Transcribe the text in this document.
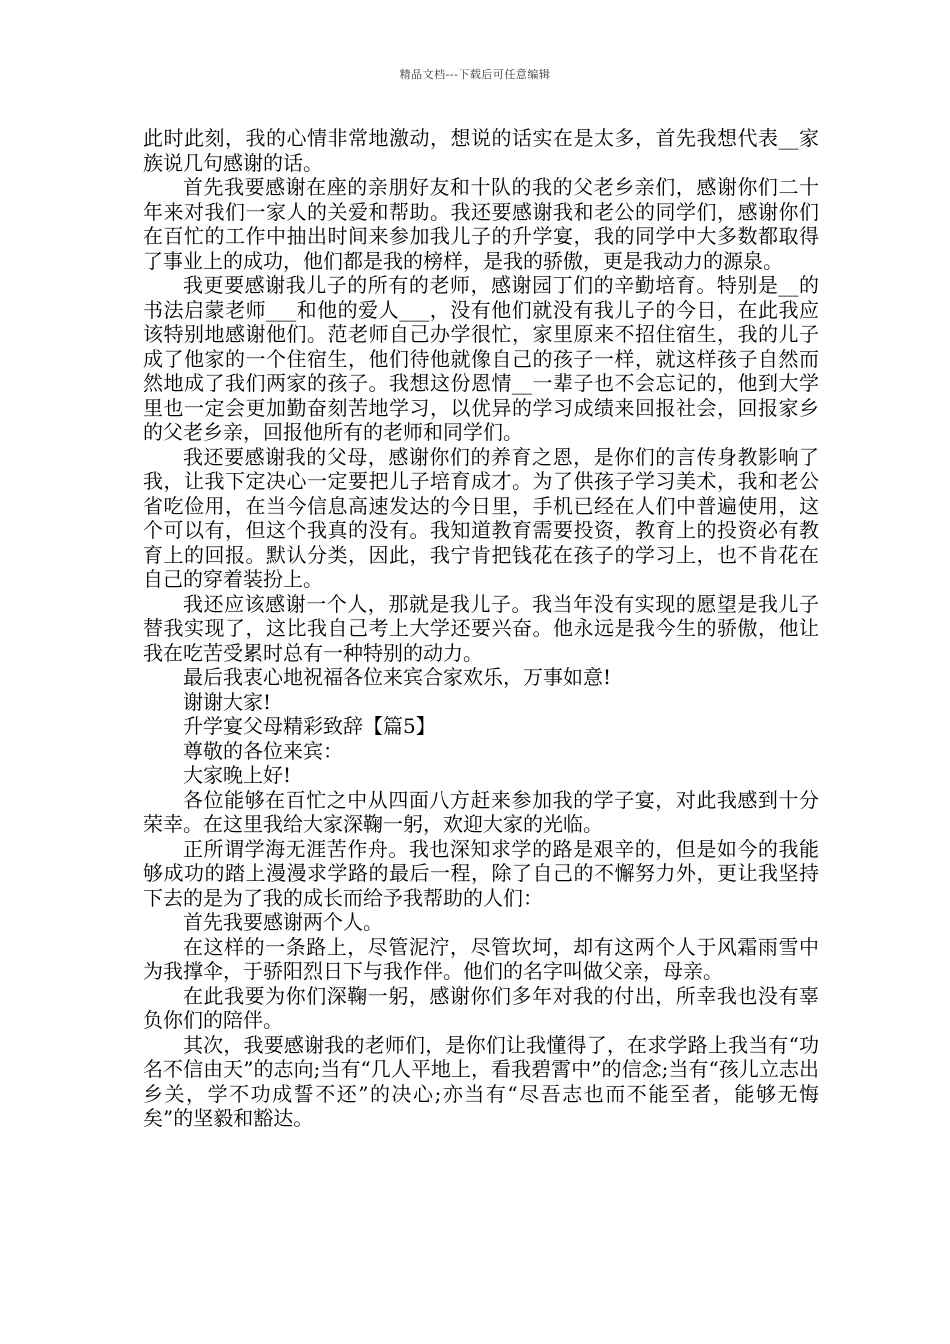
精品文档---下载后可任意编辑

此时此刻，我的心情非常地激动，想说的话实在是太多，首先我想代表__家族说几句感谢的话。

首先我要感谢在座的亲朋好友和十队的我的父老乡亲们，感谢你们二十年来对我们一家人的关爱和帮助。我还要感谢我和老公的同学们，感谢你们在百忙的工作中抽出时间来参加我儿子的升学宴，我的同学中大多数都取得了事业上的成功，他们都是我的榜样，是我的骄傲，更是我动力的源泉。

我更要感谢我儿子的所有的老师，感谢园丁们的辛勤培育。特别是__的书法启蒙老师___和他的爱人___，没有他们就没有我儿子的今日，在此我应该特别地感谢他们。范老师自己办学很忙，家里原来不招住宿生，我的儿子成了他家的一个住宿生，他们待他就像自己的孩子一样，就这样孩子自然而然地成了我们两家的孩子。我想这份恩情__一辈子也不会忘记的，他到大学里也一定会更加勤奋刻苦地学习，以优异的学习成绩来回报社会，回报家乡的父老乡亲，回报他所有的老师和同学们。

我还要感谢我的父母，感谢你们的养育之恩，是你们的言传身教影响了我，让我下定决心一定要把儿子培育成才。为了供孩子学习美术，我和老公省吃俭用，在当今信息高速发达的今日里，手机已经在人们中普遍使用，这个可以有，但这个我真的没有。我知道教育需要投资，教育上的投资必有教育上的回报。默认分类，因此，我宁肯把钱花在孩子的学习上，也不肯花在自己的穿着装扮上。

我还应该感谢一个人，那就是我儿子。我当年没有实现的愿望是我儿子替我实现了，这比我自己考上大学还要兴奋。他永远是我今生的骄傲，他让我在吃苦受累时总有一种特别的动力。

最后我衷心地祝福各位来宾合家欢乐，万事如意!

谢谢大家!

升学宴父母精彩致辞【篇5】

尊敬的各位来宾：

大家晚上好!

各位能够在百忙之中从四面八方赶来参加我的学子宴，对此我感到十分荣幸。在这里我给大家深鞠一躬，欢迎大家的光临。

正所谓学海无涯苦作舟。我也深知求学的路是艰辛的，但是如今的我能够成功的踏上漫漫求学路的最后一程，除了自己的不懈努力外，更让我坚持下去的是为了我的成长而给予我帮助的人们：

首先我要感谢两个人。

在这样的一条路上，尽管泥泞，尽管坎坷，却有这两个人于风霜雨雪中为我撑伞，于骄阳烈日下与我作伴。他们的名字叫做父亲，母亲。

在此我要为你们深鞠一躬，感谢你们多年对我的付出，所幸我也没有辜负你们的陪伴。

其次，我要感谢我的老师们，是你们让我懂得了，在求学路上我当有“功名不信由天”的志向;当有“几人平地上，看我碧霄中”的信念;当有“孩儿立志出乡关，学不功成誓不还”的决心;亦当有“尽吾志也而不能至者，能够无悔矣”的坚毅和豁达。
